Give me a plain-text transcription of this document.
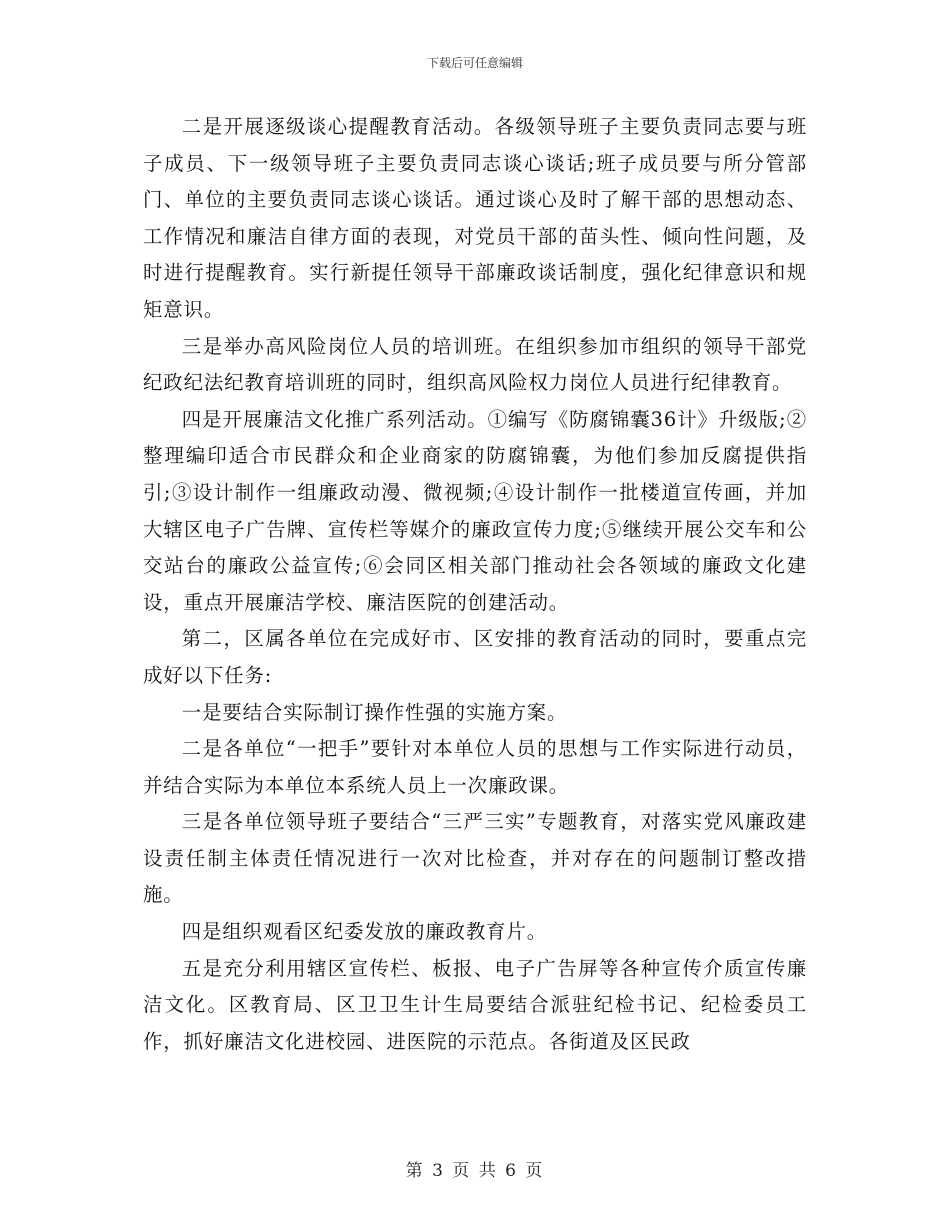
下载后可任意编辑

二是开展逐级谈心提醒教育活动。各级领导班子主要负责同志要与班子成员、下一级领导班子主要负责同志谈心谈话;班子成员要与所分管部门、单位的主要负责同志谈心谈话。通过谈心及时了解干部的思想动态、工作情况和廉洁自律方面的表现，对党员干部的苗头性、倾向性问题，及时进行提醒教育。实行新提任领导干部廉政谈话制度，强化纪律意识和规矩意识。

三是举办高风险岗位人员的培训班。在组织参加市组织的领导干部党纪政纪法纪教育培训班的同时，组织高风险权力岗位人员进行纪律教育。

四是开展廉洁文化推广系列活动。①编写《防腐锦囊36计》升级版;②整理编印适合市民群众和企业商家的防腐锦囊，为他们参加反腐提供指引;③设计制作一组廉政动漫、微视频;④设计制作一批楼道宣传画，并加大辖区电子广告牌、宣传栏等媒介的廉政宣传力度;⑤继续开展公交车和公交站台的廉政公益宣传;⑥会同区相关部门推动社会各领域的廉政文化建设，重点开展廉洁学校、廉洁医院的创建活动。

第二，区属各单位在完成好市、区安排的教育活动的同时，要重点完成好以下任务:

一是要结合实际制订操作性强的实施方案。

二是各单位“一把手”要针对本单位人员的思想与工作实际进行动员，并结合实际为本单位本系统人员上一次廉政课。

三是各单位领导班子要结合“三严三实”专题教育，对落实党风廉政建设责任制主体责任情况进行一次对比检查，并对存在的问题制订整改措施。

四是组织观看区纪委发放的廉政教育片。

五是充分利用辖区宣传栏、板报、电子广告屏等各种宣传介质宣传廉洁文化。区教育局、区卫卫生计生局要结合派驻纪检书记、纪检委员工作，抓好廉洁文化进校园、进医院的示范点。各街道及区民政

第 3 页 共 6 页
